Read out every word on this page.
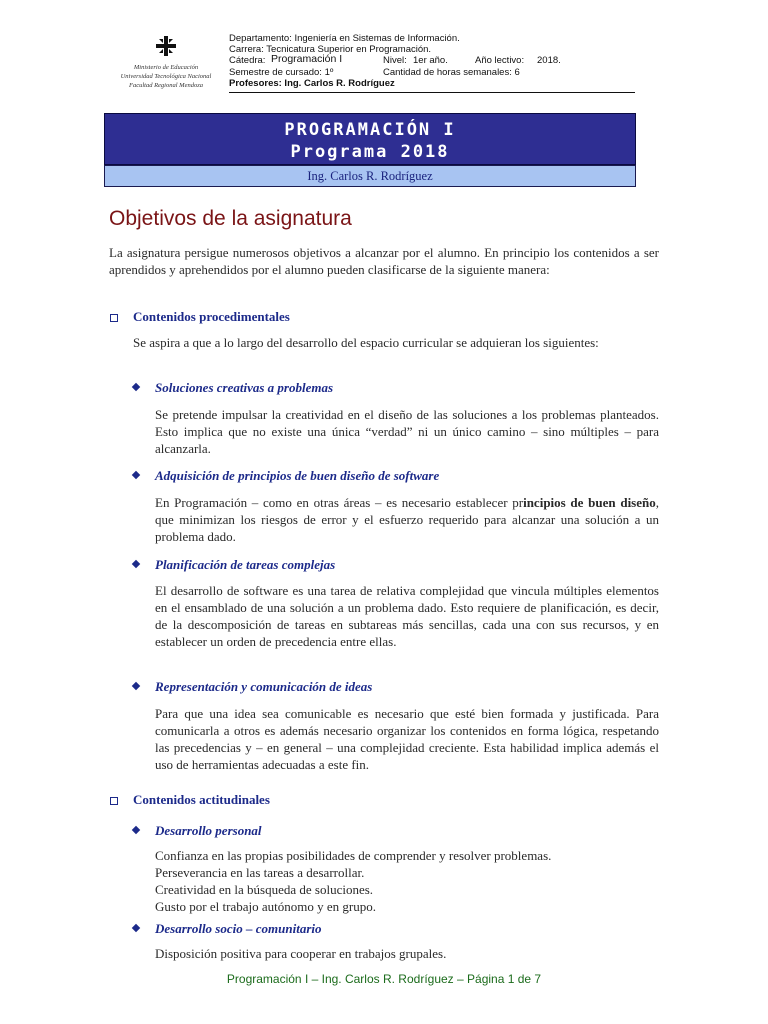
Ministerio de Educación
Universidad Tecnológica Nacional
Facultad Regional Mendoza
Departamento: Ingeniería en Sistemas de Información.
Carrera: Tecnicatura Superior en Programación.
Cátedra: Programación I	Nivel: 1er año.	Año lectivo: 2018.
Semestre de cursado: 1º	Cantidad de horas semanales: 6
Profesores: Ing. Carlos R. Rodríguez
PROGRAMACIÓN I
Programa 2018
Ing. Carlos R. Rodríguez
Objetivos de la asignatura
La asignatura persigue numerosos objetivos a alcanzar por el alumno. En principio los contenidos a ser aprendidos y aprehendidos por el alumno pueden clasificarse de la siguiente manera:
Contenidos procedimentales
Se aspira a que a lo largo del desarrollo del espacio curricular se adquieran los siguientes:
Soluciones creativas a problemas
Se pretende impulsar la creatividad en el diseño de las soluciones a los problemas planteados. Esto implica que no existe una única “verdad” ni un único camino – sino múltiples – para alcanzarla.
Adquisición de principios de buen diseño de software
En Programación – como en otras áreas – es necesario establecer principios de buen diseño, que minimizan los riesgos de error y el esfuerzo requerido para alcanzar una solución a un problema dado.
Planificación de tareas complejas
El desarrollo de software es una tarea de relativa complejidad que vincula múltiples elementos en el ensamblado de una solución a un problema dado. Esto requiere de planificación, es decir, de la descomposición de tareas en subtareas más sencillas, cada una con sus recursos, y en establecer un orden de precedencia entre ellas.
Representación y comunicación de ideas
Para que una idea sea comunicable es necesario que esté bien formada y justificada. Para comunicarla a otros es además necesario organizar los contenidos en forma lógica, respetando las precedencias y – en general – una complejidad creciente. Esta habilidad implica además el uso de herramientas adecuadas a este fin.
Contenidos actitudinales
Desarrollo personal
Confianza en las propias posibilidades de comprender y resolver problemas.
Perseverancia en las tareas a desarrollar.
Creatividad en la búsqueda de soluciones.
Gusto por el trabajo autónomo y en grupo.
Desarrollo socio – comunitario
Disposición positiva para cooperar en trabajos grupales.
Programación I – Ing. Carlos R. Rodríguez – Página 1 de 7
